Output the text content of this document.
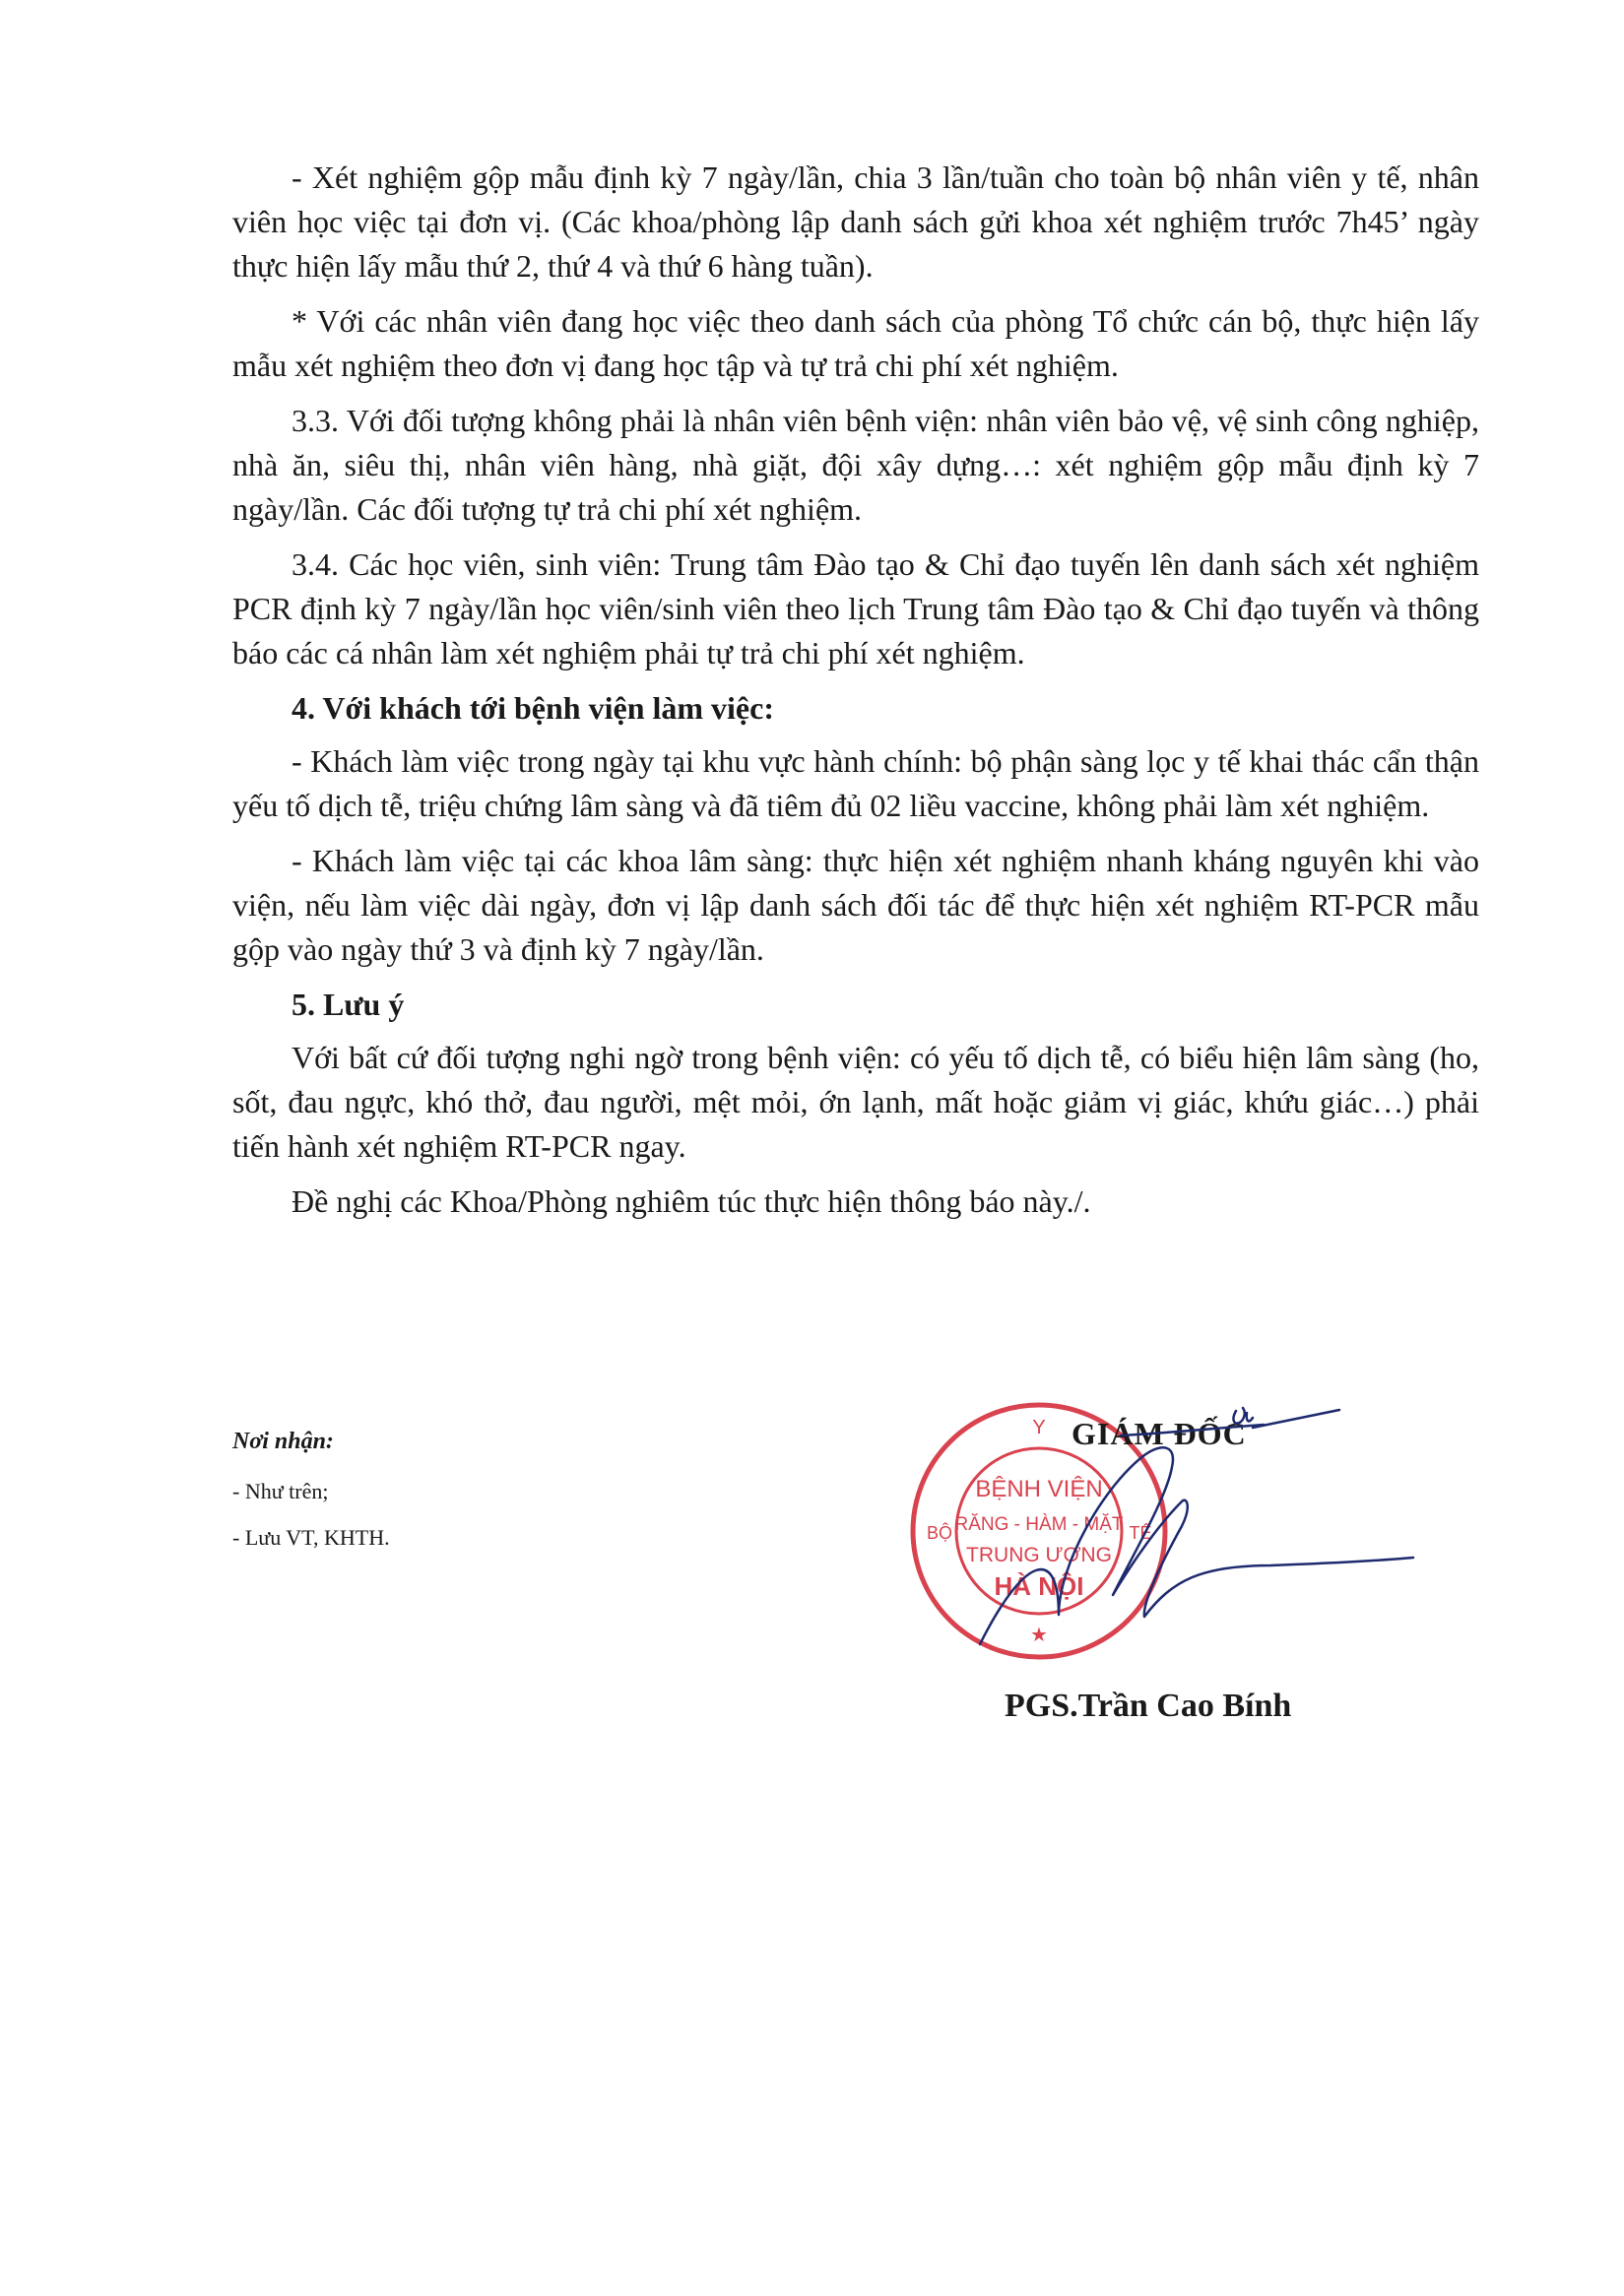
- Xét nghiệm gộp mẫu định kỳ 7 ngày/lần, chia 3 lần/tuần cho toàn bộ nhân viên y tế, nhân viên học việc tại đơn vị. (Các khoa/phòng lập danh sách gửi khoa xét nghiệm trước 7h45’ ngày thực hiện lấy mẫu thứ 2, thứ 4 và thứ 6 hàng tuần).

* Với các nhân viên đang học việc theo danh sách của phòng Tổ chức cán bộ, thực hiện lấy mẫu xét nghiệm theo đơn vị đang học tập và tự trả chi phí xét nghiệm.

3.3. Với đối tượng không phải là nhân viên bệnh viện: nhân viên bảo vệ, vệ sinh công nghiệp, nhà ăn, siêu thị, nhân viên hàng, nhà giặt, đội xây dựng…: xét nghiệm gộp mẫu định kỳ 7 ngày/lần. Các đối tượng tự trả chi phí xét nghiệm.

3.4. Các học viên, sinh viên: Trung tâm Đào tạo & Chỉ đạo tuyến lên danh sách xét nghiệm PCR định kỳ 7 ngày/lần học viên/sinh viên theo lịch Trung tâm Đào tạo & Chỉ đạo tuyến và thông báo các cá nhân làm xét nghiệm phải tự trả chi phí xét nghiệm.

4. Với khách tới bệnh viện làm việc:

- Khách làm việc trong ngày tại khu vực hành chính: bộ phận sàng lọc y tế khai thác cẩn thận yếu tố dịch tễ, triệu chứng lâm sàng và đã tiêm đủ 02 liều vaccine, không phải làm xét nghiệm.

- Khách làm việc tại các khoa lâm sàng: thực hiện xét nghiệm nhanh kháng nguyên khi vào viện, nếu làm việc dài ngày, đơn vị lập danh sách đối tác để thực hiện xét nghiệm RT-PCR mẫu gộp vào ngày thứ 3 và định kỳ 7 ngày/lần.

5. Lưu ý

Với bất cứ đối tượng nghi ngờ trong bệnh viện: có yếu tố dịch tễ, có biểu hiện lâm sàng (ho, sốt, đau ngực, khó thở, đau người, mệt mỏi, ớn lạnh, mất hoặc giảm vị giác, khứu giác…) phải tiến hành xét nghiệm RT-PCR ngay.

Đề nghị các Khoa/Phòng nghiêm túc thực hiện thông báo này./.

Nơi nhận:
- Như trên;
- Lưu VT, KHTH.
Y
BỘ	TẾ
BỆNH VIỆN
RĂNG - HÀM - MẶT
TRUNG ƯƠNG
HÀ NỘI
★
GIÁM ĐỐC
PGS.Trần Cao Bính
